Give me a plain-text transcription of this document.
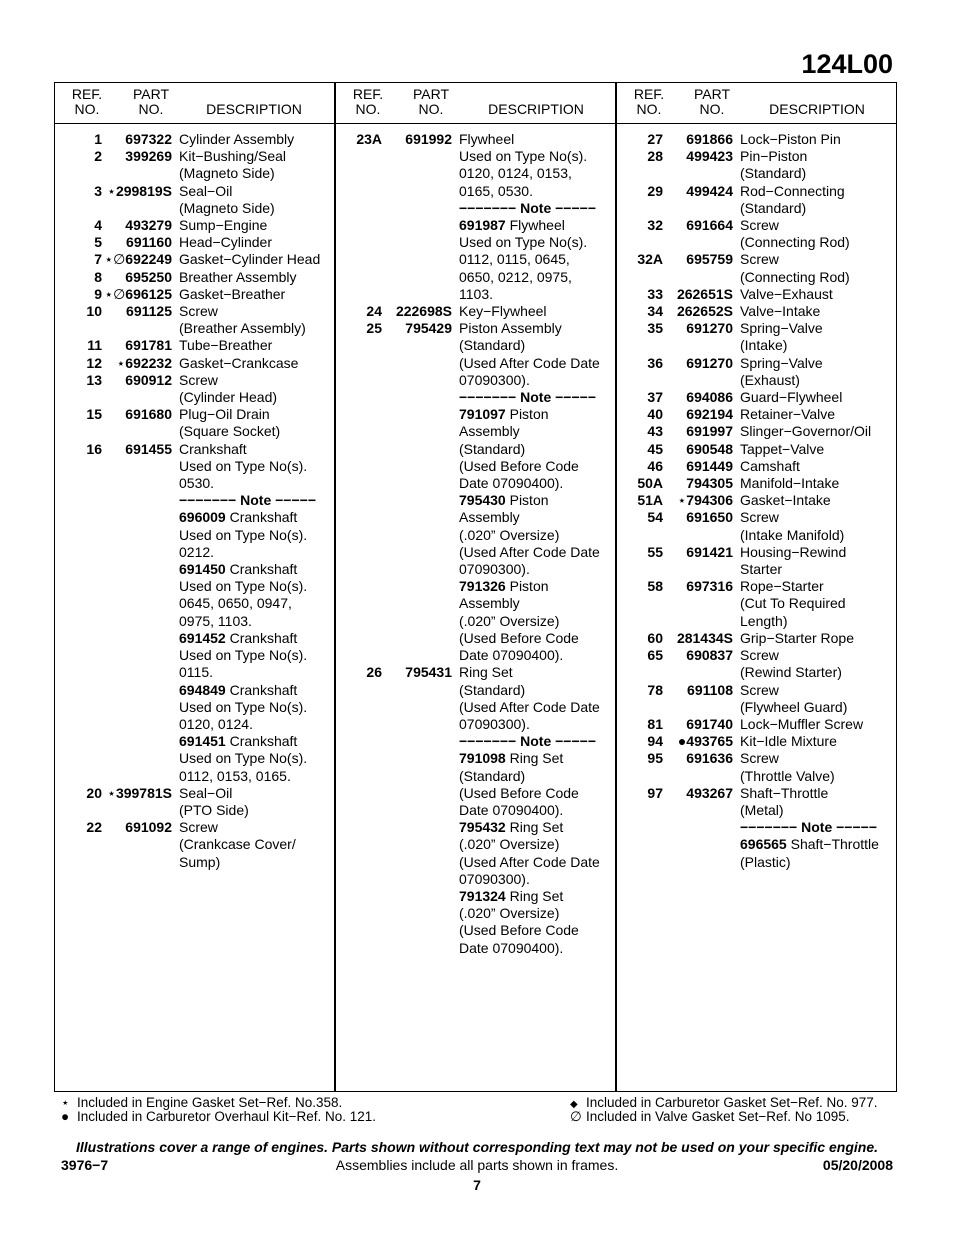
124L00
REF.
NO.
PART
NO.	DESCRIPTION
REF.
NO.
PART
NO.	DESCRIPTION
REF.
NO.
PART
NO.	DESCRIPTION
1	697322 Cylinder Assembly
2	399269 Kit−Bushing/Seal
(Magneto Side)
3 ⋆299819S Seal−Oil
(Magneto Side)
4	493279 Sump−Engine
5	691160 Head−Cylinder
7 ⋆∅692249 Gasket−Cylinder Head
8	695250 Breather Assembly
9 ⋆∅696125 Gasket−Breather
10	691125 Screw
(Breather Assembly)
11	691781 Tube−Breather
12	⋆692232 Gasket−Crankcase
13	690912 Screw
(Cylinder Head)
15	691680 Plug−Oil Drain
(Square Socket)
16	691455 Crankshaft
Used on Type No(s).
0530.
−−−−−−− Note −−−−−
696009 Crankshaft
Used on Type No(s).
0212.
691450 Crankshaft
Used on Type No(s).
0645, 0650, 0947,
0975, 1103.
691452 Crankshaft
Used on Type No(s).
0115.
694849 Crankshaft
Used on Type No(s).
0120, 0124.
691451 Crankshaft
Used on Type No(s).
0112, 0153, 0165.
20 ⋆399781S Seal−Oil
(PTO Side)
22	691092 Screw
(Crankcase Cover/
Sump)
23A	691992 Flywheel
Used on Type No(s).
0120, 0124, 0153,
0165, 0530.
−−−−−−− Note −−−−−
691987 Flywheel
Used on Type No(s).
0112, 0115, 0645,
0650, 0212, 0975,
1103.
24 222698S Key−Flywheel
25	795429 Piston Assembly
(Standard)
(Used After Code Date
07090300).
−−−−−−− Note −−−−−
791097 Piston
Assembly
(Standard)
(Used Before Code
Date 07090400).
795430 Piston
Assembly
(.020” Oversize)
(Used After Code Date
07090300).
791326 Piston
Assembly
(.020” Oversize)
(Used Before Code
Date 07090400).
26	795431 Ring Set
(Standard)
(Used After Code Date
07090300).
−−−−−−− Note −−−−−
791098 Ring Set
(Standard)
(Used Before Code
Date 07090400).
795432 Ring Set
(.020” Oversize)
(Used After Code Date
07090300).
791324 Ring Set
(.020” Oversize)
(Used Before Code
Date 07090400).
27	691866 Lock−Piston Pin
28	499423 Pin−Piston
(Standard)
29	499424 Rod−Connecting
(Standard)
32	691664 Screw
(Connecting Rod)
32A	695759 Screw
(Connecting Rod)
33 262651S Valve−Exhaust
34 262652S Valve−Intake
35	691270 Spring−Valve
(Intake)
36	691270 Spring−Valve
(Exhaust)
37	694086 Guard−Flywheel
40	692194 Retainer−Valve
43	691997 Slinger−Governor/Oil
45	690548 Tappet−Valve
46	691449 Camshaft
50A	794305 Manifold−Intake
51A	⋆794306 Gasket−Intake
54	691650 Screw
(Intake Manifold)
55	691421 Housing−Rewind
Starter
58	697316 Rope−Starter
(Cut To Required
Length)
60 281434S Grip−Starter Rope
65	690837 Screw
(Rewind Starter)
78	691108 Screw
(Flywheel Guard)
81	691740 Lock−Muffler Screw
94	●493765 Kit−Idle Mixture
95	691636 Screw
(Throttle Valve)
97	493267 Shaft−Throttle
(Metal)
−−−−−−− Note −−−−−
696565 Shaft−Throttle
(Plastic)
⋆ Included in Engine Gasket Set−Ref. No.358.
● Included in Carburetor Overhaul Kit−Ref. No. 121.
◆ Included in Carburetor Gasket Set−Ref. No. 977.
∅ Included in Valve Gasket Set−Ref. No 1095.
Illustrations cover a range of engines. Parts shown without corresponding text may not be used on your specific engine.
3976−7	Assemblies include all parts shown in frames.	05/20/2008
7
